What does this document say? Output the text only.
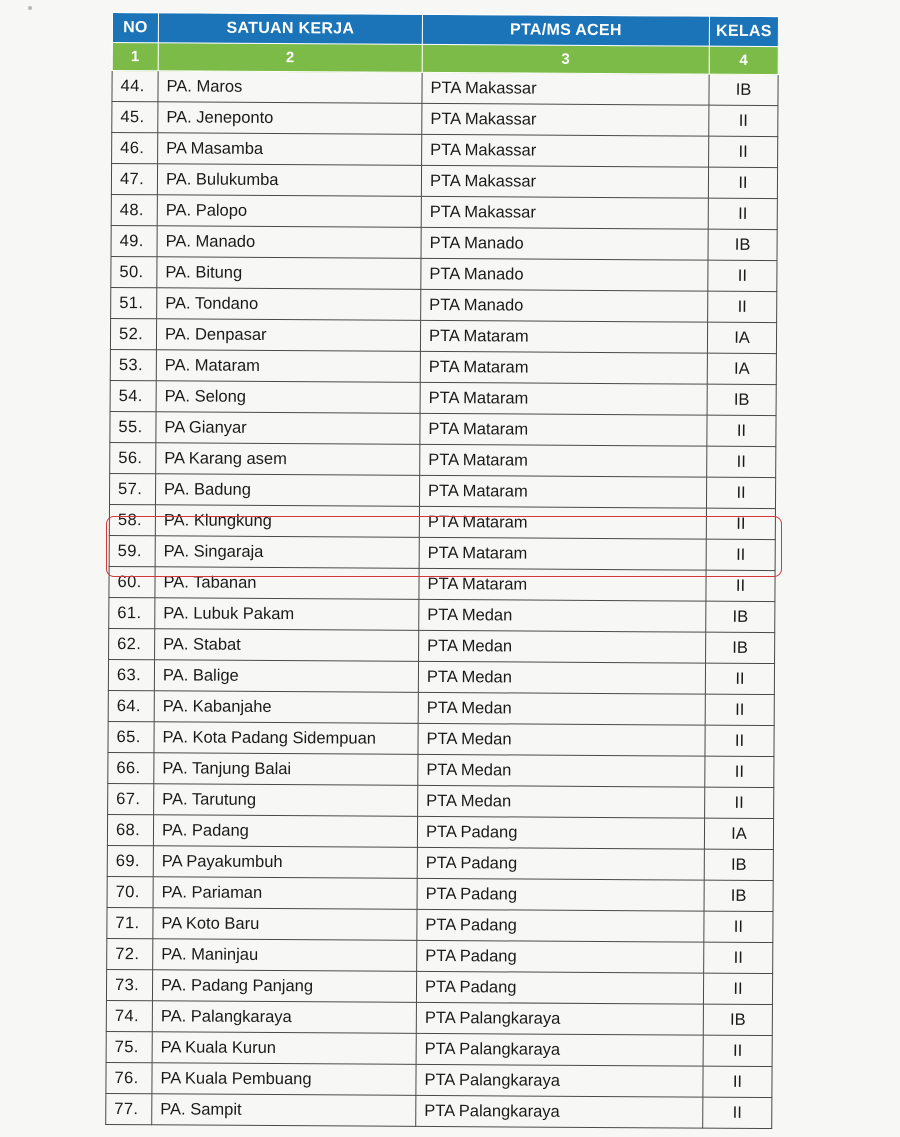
NO	SATUAN KERJA	PTA/MS ACEH	KELAS
1	2	3	4
44.	PA. Maros	PTA Makassar	IB
45.	PA. Jeneponto	PTA Makassar	II
46.	PA Masamba	PTA Makassar	II
47.	PA. Bulukumba	PTA Makassar	II
48.	PA. Palopo	PTA Makassar	II
49.	PA. Manado	PTA Manado	IB
50.	PA. Bitung	PTA Manado	II
51.	PA. Tondano	PTA Manado	II
52.	PA. Denpasar	PTA Mataram	IA
53.	PA. Mataram	PTA Mataram	IA
54.	PA. Selong	PTA Mataram	IB
55.	PA Gianyar	PTA Mataram	II
56.	PA Karang asem	PTA Mataram	II
57.	PA. Badung	PTA Mataram	II
58.	PA. Klungkung	PTA Mataram	II
59.	PA. Singaraja	PTA Mataram	II
60.	PA. Tabanan	PTA Mataram	II
61.	PA. Lubuk Pakam	PTA Medan	IB
62.	PA. Stabat	PTA Medan	IB
63.	PA. Balige	PTA Medan	II
64.	PA. Kabanjahe	PTA Medan	II
65.	PA. Kota Padang Sidempuan	PTA Medan	II
66.	PA. Tanjung Balai	PTA Medan	II
67.	PA. Tarutung	PTA Medan	II
68.	PA. Padang	PTA Padang	IA
69.	PA Payakumbuh	PTA Padang	IB
70.	PA. Pariaman	PTA Padang	IB
71.	PA Koto Baru	PTA Padang	II
72.	PA. Maninjau	PTA Padang	II
73.	PA. Padang Panjang	PTA Padang	II
74.	PA. Palangkaraya	PTA Palangkaraya	IB
75.	PA Kuala Kurun	PTA Palangkaraya	II
76.	PA Kuala Pembuang	PTA Palangkaraya	II
77.	PA. Sampit	PTA Palangkaraya	II
